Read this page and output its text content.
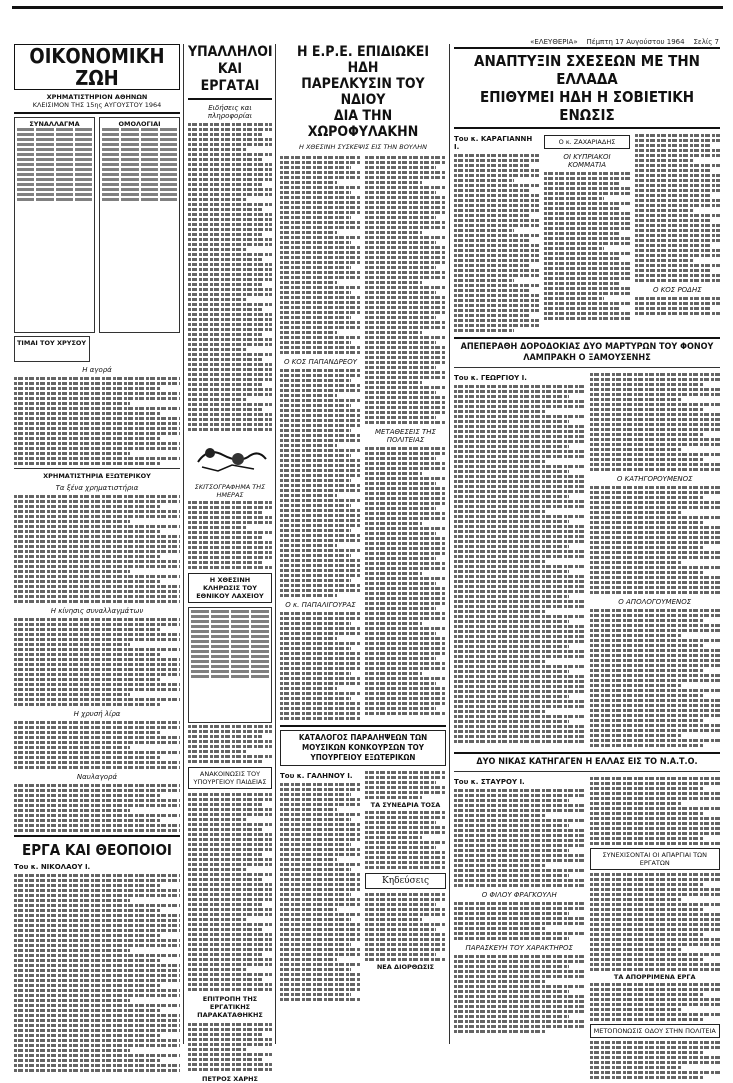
«ΕΛΕΥΘΕΡΙΑ» Πέμπτη 17 Αυγούστου 1964 Σελίς 7
ΟΙΚΟΝΟΜΙΚΗ ΖΩΗ
ΧΡΗΜΑΤΙΣΤΗΡΙΟΝ ΑΘΗΝΩΝ
ΚΛΕΙΣΙΜΟΝ ΤΗΣ 15ης ΑΥΓΟΥΣΤΟΥ 1964
ΣΥΝΑΛΛΑΓΜΑ	ΟΜΟΛΟΓΙΑΙ
ΤΙΜΑΙ ΤΟΥ ΧΡΥΣΟΥ
Η αγορά
ΧΡΗΜΑΤΙΣΤΗΡΙΑ ΕΞΩΤΕΡΙΚΟΥ
Τα ξένα χρηματιστήρια
Η κίνησις συναλλαγμάτων
Η χρυσή λίρα
Ναυλαγορά
ΕΡΓΑ ΚΑΙ ΘΕΟΠΟΙΟΙ
Του κ. ΝΙΚΟΛΑΟΥ Ι.
ΥΠΑΛΛΗΛΟΙ ΚΑΙ ΕΡΓΑΤΑΙ
Ειδήσεις και πληροφορίαι
ΣΚΙΤΣΟΓΡΑΦΗΜΑ ΤΗΣ ΗΜΕΡΑΣ
Η ΧΘΕΣΙΝΗ ΚΛΗΡΩΣΙΣ ΤΟΥ ΕΘΝΙΚΟΥ ΛΑΧΕΙΟΥ
ΑΝΑΚΟΙΝΩΣΙΣ ΤΟΥ ΥΠΟΥΡΓΕΙΟΥ ΠΑΙΔΕΙΑΣ
ΕΠΙΤΡΟΠΗ ΤΗΣ ΕΡΓΑΤΙΚΗΣ ΠΑΡΑΚΑΤΑΘΗΚΗΣ
ΠΕΤΡΟΣ ΧΑΡΗΣ
Η Ε.Ρ.Ε. ΕΠΙΔΙΩΚΕΙ ΗΔΗ
ΠΑΡΕΛΚΥΣΙΝ ΤΟΥ ΝΔΙΟΥ
ΔΙΑ ΤΗΝ ΧΩΡΟΦΥΛΑΚΗΝ
Η ΧΘΕΣΙΝΗ ΣΥΣΚΕΨΙΣ ΕΙΣ ΤΗΝ ΒΟΥΛΗΝ
Ο ΚΟΣ ΠΑΠΑΝΔΡΕΟΥ
Ο κ. ΠΑΠΑΛΙΓΟΥΡΑΣ
ΜΕΤΑΘΕΣΕΙΣ ΤΗΣ ΠΟΛΙΤΕΙΑΣ
ΚΑΤΑΛΟΓΟΣ ΠΑΡΑΛΗΨΕΩΝ ΤΩΝ ΜΟΥΣΙΚΩΝ ΚΟΝΚΟΥΡΣΩΝ ΤΟΥ ΥΠΟΥΡΓΕΙΟΥ ΕΞΩΤΕΡΙΚΩΝ
Του κ. ΓΑΛΗΝΟΥ Ι.
ΤΑ ΣΥΝΕΔΡΙΑ ΤΟΣΑ
Κηδεύσεις
ΝΕΑ ΔΙΟΡΘΩΣΙΣ
ΑΝΑΠΤΥΞΙΝ ΣΧΕΣΕΩΝ ΜΕ ΤΗΝ ΕΛΛΑΔΑ
ΕΠΙΘΥΜΕΙ ΗΔΗ Η ΣΟΒΙΕΤΙΚΗ ΕΝΩΣΙΣ
Του κ. ΚΑΡΑΓΙΑΝΝΗ Ι.
Ο κ. ΖΑΧΑΡΙΑΔΗΣ
ΟΙ ΚΥΠΡΙΑΚΟΙ ΚΟΜΜΑΤΙΑ
Ο ΚΟΣ ΡΟΔΗΣ
ΑΠΕΠΕΡΑΘΗ ΔΟΡΟΔΟΚΙΑΣ ΔΥΟ ΜΑΡΤΥΡΩΝ ΤΟΥ ΦΟΝΟΥ ΛΑΜΠΡΑΚΗ Ο ΞΑΜΟΥΣΕΝΗΣ
Του κ. ΓΕΩΡΓΙΟΥ Ι.
Ο ΚΑΤΗΓΟΡΟΥΜΕΝΟΣ
Ο ΑΠΟΛΟΓΟΥΜΕΝΟΣ
ΔΥΟ ΝΙΚΑΣ ΚΑΤΗΓΑΓΕΝ Η ΕΛΛΑΣ ΕΙΣ ΤΟ Ν.Α.Τ.Ο.
Του κ. ΣΤΑΥΡΟΥ Ι.
Ο ΦΙΛΟΥ ΦΡΑΓΚΟΥΛΗ
ΠΑΡΑΣΚΕΥΗ ΤΟΥ ΧΑΡΑΚΤΗΡΟΣ
ΣΥΝΕΧΙΣΟΝΤΑΙ ΟΙ ΑΠΑΡΓΙΑΙ ΤΩΝ ΕΡΓΑΤΩΝ
ΤΑ ΑΠΟΡΡΙΜΕΝΑ ΕΡΓΑ
ΜΕΤΟΠΟΝΩΣΙΣ ΟΔΟΥ ΣΤΗΝ ΠΟΛΙΤΕΙΑ
